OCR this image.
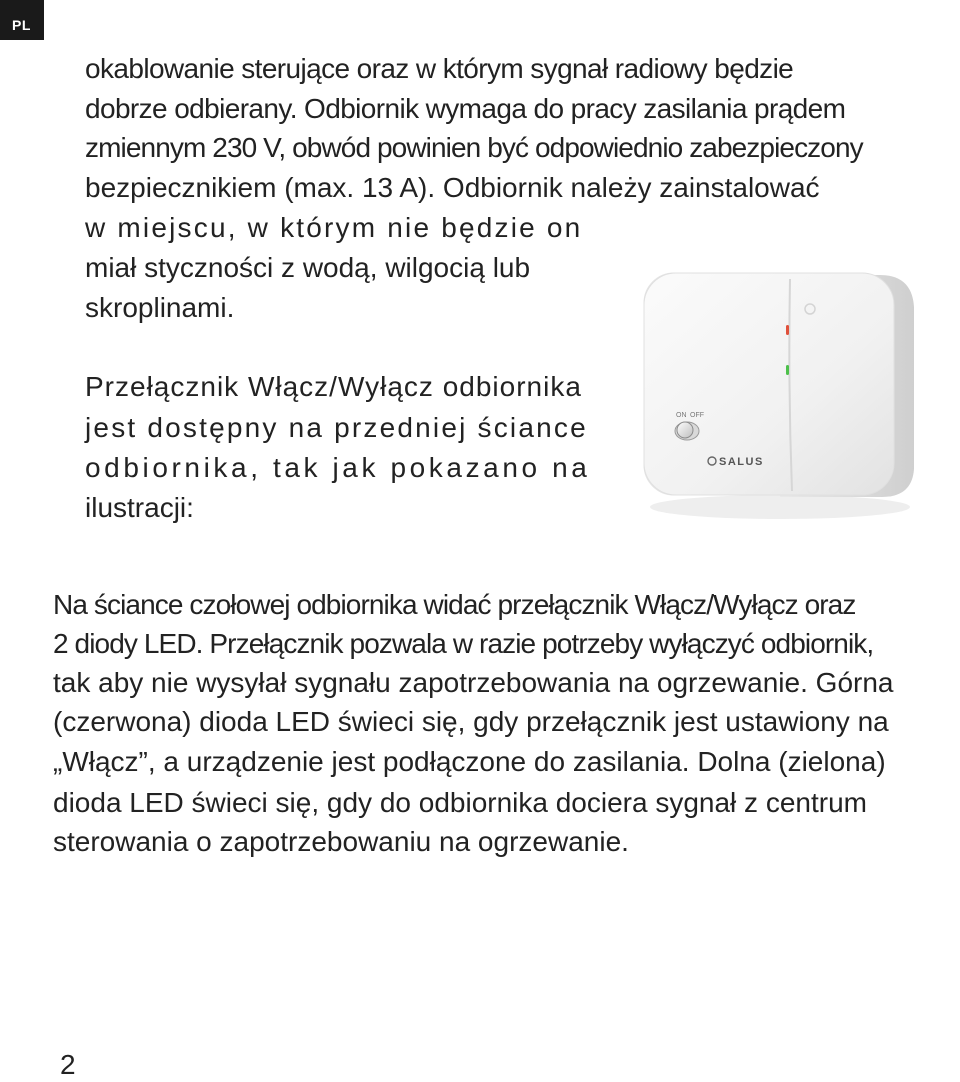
PL
okablowanie sterujące oraz w którym sygnał radiowy będzie
dobrze odbierany. Odbiornik wymaga do pracy zasilania prądem
zmiennym 230 V, obwód powinien być odpowiednio zabezpieczony
bezpiecznikiem (max. 13 A). Odbiornik należy zainstalować
w miejscu, w którym nie będzie on
miał styczności z wodą, wilgocią lub
skroplinami.
Przełącznik Włącz/Wyłącz odbiornika
jest dostępny na przedniej ściance
odbiornika, tak jak pokazano na
ilustracji:
ON OFF
SALUS
Na ściance czołowej odbiornika widać przełącznik Włącz/Wyłącz oraz
2 diody LED. Przełącznik pozwala w razie potrzeby wyłączyć odbiornik,
tak aby nie wysyłał sygnału zapotrzebowania na ogrzewanie. Górna
(czerwona) dioda LED świeci się, gdy przełącznik jest ustawiony na
„Włącz”, a urządzenie jest podłączone do zasilania. Dolna (zielona)
dioda LED świeci się, gdy do odbiornika dociera sygnał z centrum
sterowania o zapotrzebowaniu na ogrzewanie.
2
